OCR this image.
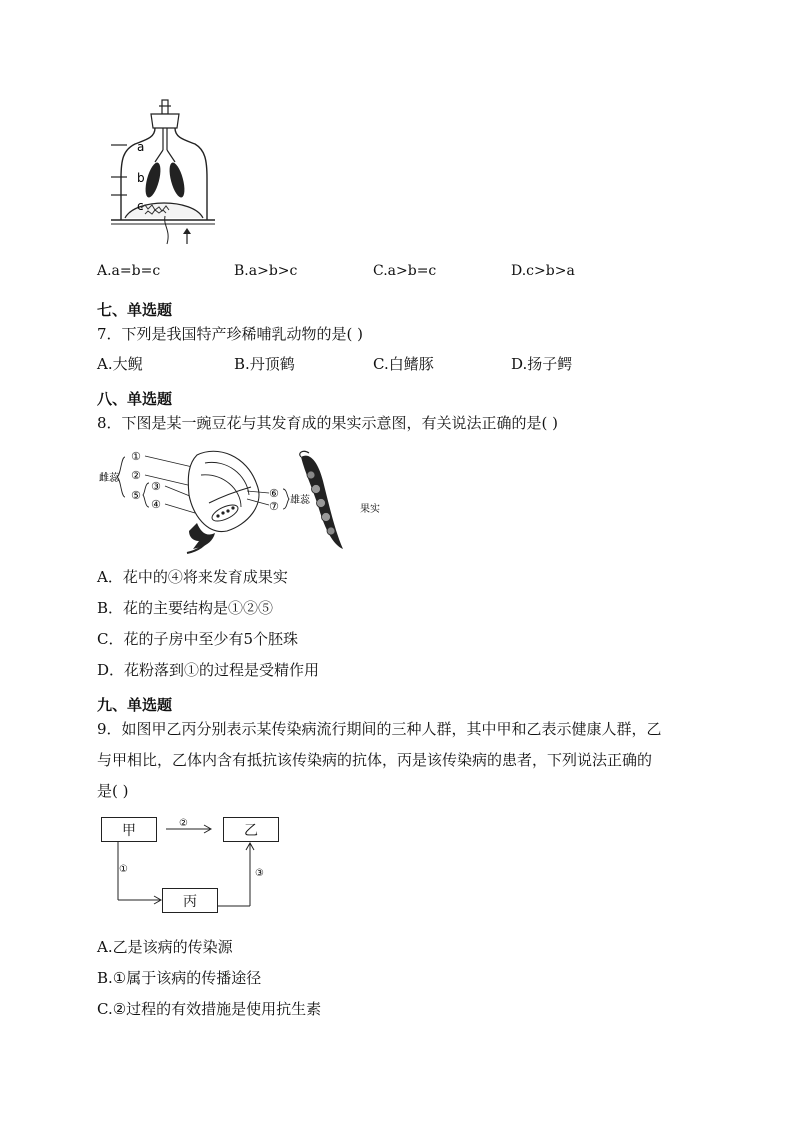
a
b
c
A.a=b=c	B.a>b>c	C.a>b=c	D.c>b>a
七、单选题
7．下列是我国特产珍稀哺乳动物的是( )
A.大鲵	B.丹顶鹤	C.白鳍豚	D.扬子鳄
八、单选题
8．下图是某一豌豆花与其发育成的果实示意图，有关说法正确的是( )
雌蕊
①
②
⑤
③
④
⑥
⑦ 雄蕊
果实
A．花中的④将来发育成果实
B．花的主要结构是①②⑤
C．花的子房中至少有5个胚珠
D．花粉落到①的过程是受精作用
九、单选题
9．如图甲乙丙分别表示某传染病流行期间的三种人群，其中甲和乙表示健康人群，乙
与甲相比，乙体内含有抵抗该传染病的抗体，丙是该传染病的患者，下列说法正确的
是( )
甲	乙
丙
②
①	③
A.乙是该病的传染源
B.①属于该病的传播途径
C.②过程的有效措施是使用抗生素
